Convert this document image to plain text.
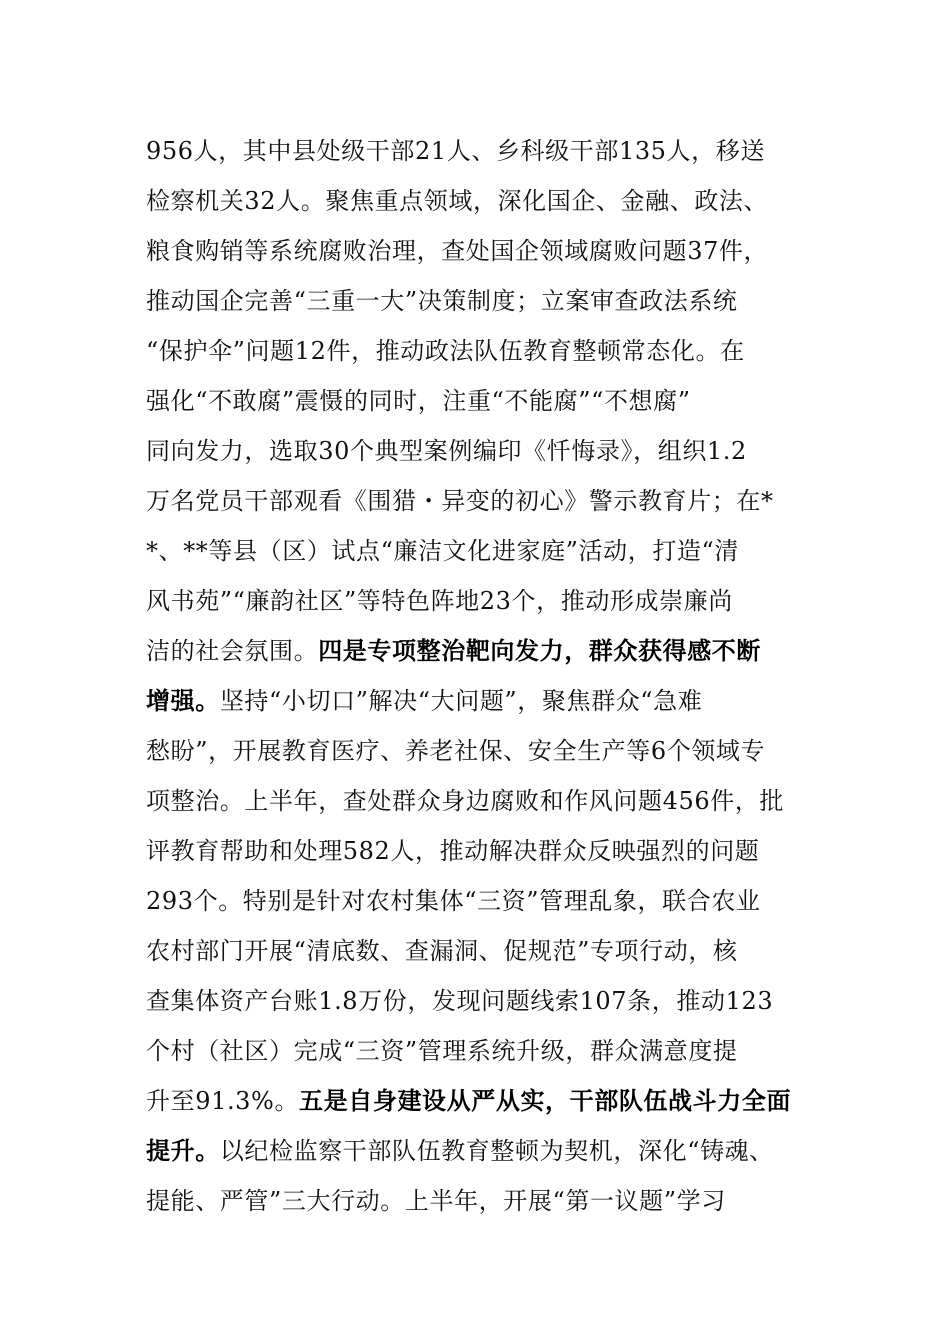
956人，其中县处级干部21人、乡科级干部135人，移送
检察机关32人。聚焦重点领域，深化国企、金融、政法、
粮食购销等系统腐败治理，查处国企领域腐败问题37件，
推动国企完善“三重一大”决策制度；立案审查政法系统
“保护伞”问题12件，推动政法队伍教育整顿常态化。在
强化“不敢腐”震慑的同时，注重“不能腐”“不想腐”
同向发力，选取30个典型案例编印《忏悔录》，组织1.2
万名党员干部观看《围猎・异变的初心》警示教育片；在*
*、**等县（区）试点“廉洁文化进家庭”活动，打造“清
风书苑”“廉韵社区”等特色阵地23个，推动形成崇廉尚
洁的社会氛围。四是专项整治靶向发力，群众获得感不断
增强。坚持“小切口”解决“大问题”，聚焦群众“急难
愁盼”，开展教育医疗、养老社保、安全生产等6个领域专
项整治。上半年，查处群众身边腐败和作风问题456件，批
评教育帮助和处理582人，推动解决群众反映强烈的问题
293个。特别是针对农村集体“三资”管理乱象，联合农业
农村部门开展“清底数、查漏洞、促规范”专项行动，核
查集体资产台账1.8万份，发现问题线索107条，推动123
个村（社区）完成“三资”管理系统升级，群众满意度提
升至91.3%。五是自身建设从严从实，干部队伍战斗力全面
提升。以纪检监察干部队伍教育整顿为契机，深化“铸魂、
提能、严管”三大行动。上半年，开展“第一议题”学习
